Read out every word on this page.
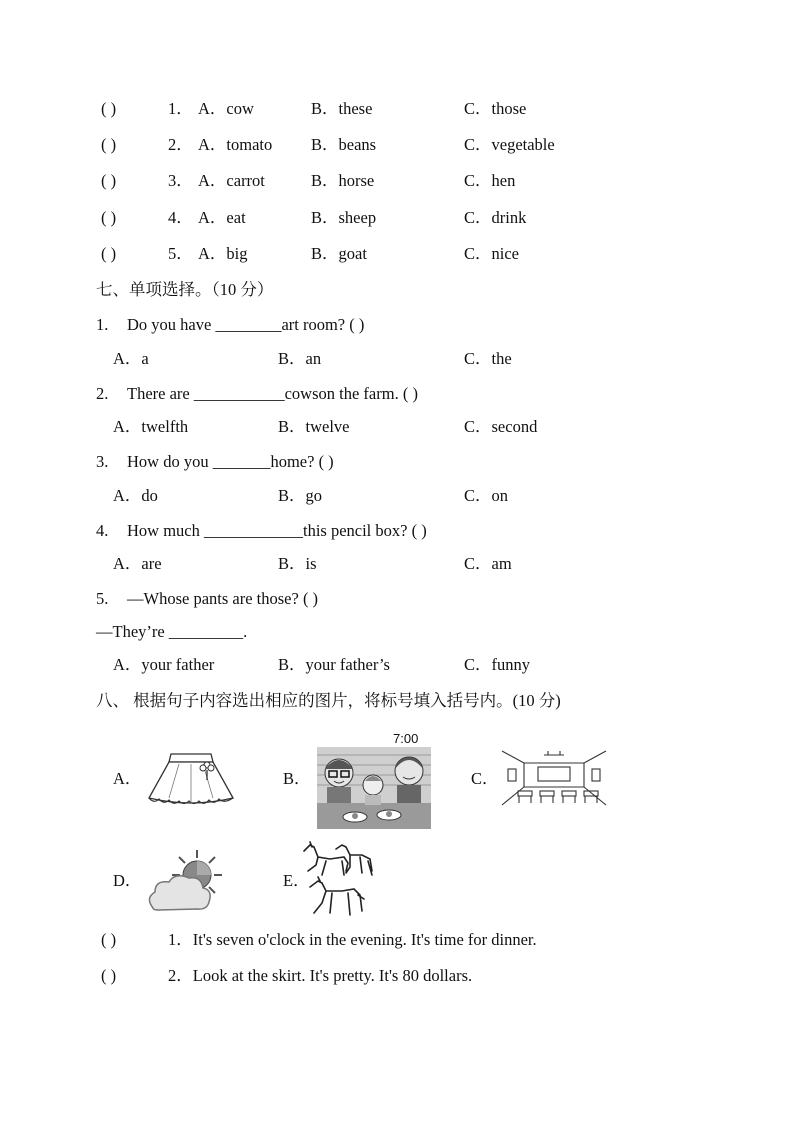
( )	1． A．cow	B．these	C．those
( )	2． A．tomato B．beans	C．vegetable
( )	3． A．carrot	B．horse	C．hen
( )	4． A．eat	B．sheep	C．drink
( )	5． A．big	B．goat	C．nice
七、单项选择。（10 分）
1. Do you have ________art room? ( )
A．a	B．an	C．the
2. There are ___________cowson the farm. ( )
A．twelfth	B．twelve	C．second
3. How do you _______home? ( )
A．do	B．go	C．on
4. How much ____________this pencil box? ( )
A．are	B．is	C．am
5. —Whose pants are those? ( )
—They’re _________.
A．your father	B．your father’s	C．funny
八、 根据句子内容选出相应的图片，将标号填入括号内。(10 分)
A．	B．
7:00
C．
D．	E．
( )	1．It's seven o'clock in the evening. It's time for dinner.
( )	2．Look at the skirt. It's pretty. It's 80 dollars.
